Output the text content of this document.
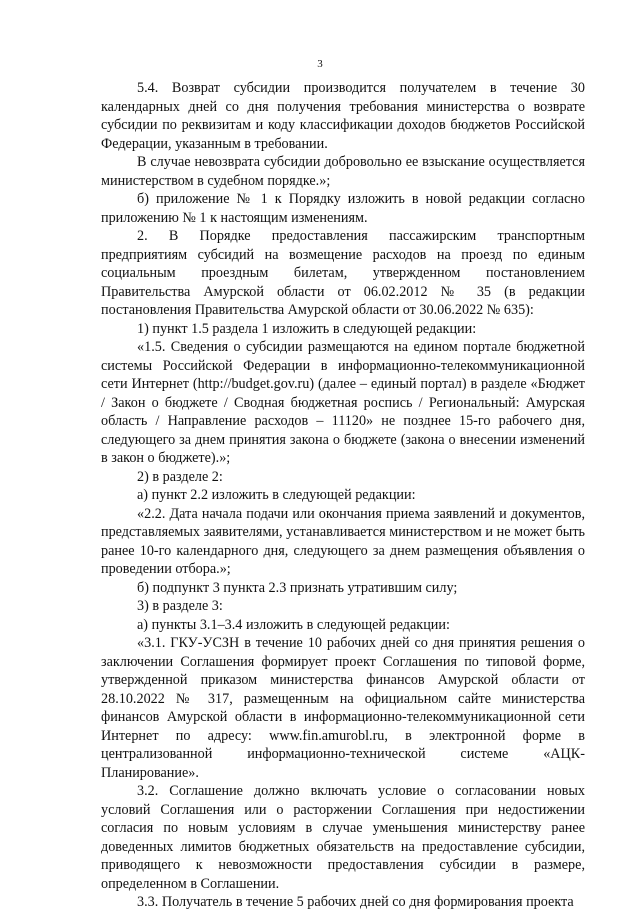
3

5.4. Возврат субсидии производится получателем в течение 30 календарных дней со дня получения требования министерства о возврате субсидии по реквизитам и коду классификации доходов бюджетов Российской Федерации, указанным в требовании.

В случае невозврата субсидии добровольно ее взыскание осуществляется министерством в судебном порядке.»;

б) приложение № 1 к Порядку изложить в новой редакции согласно приложению № 1 к настоящим изменениям.

2. В Порядке предоставления пассажирским транспортным предприятиям субсидий на возмещение расходов на проезд по единым социальным проездным билетам, утвержденном постановлением Правительства Амурской области от 06.02.2012 № 35 (в редакции постановления Правительства Амурской области от 30.06.2022 № 635):

1) пункт 1.5 раздела 1 изложить в следующей редакции:

«1.5. Сведения о субсидии размещаются на едином портале бюджетной системы Российской Федерации в информационно-телекоммуникационной сети Интернет (http://budget.gov.ru) (далее – единый портал) в разделе «Бюджет / Закон о бюджете / Сводная бюджетная роспись / Региональный: Амурская область / Направление расходов – 11120» не позднее 15-го рабочего дня, следующего за днем принятия закона о бюджете (закона о внесении изменений в закон о бюджете).»;

2) в разделе 2:

а) пункт 2.2 изложить в следующей редакции:

«2.2. Дата начала подачи или окончания приема заявлений и документов, представляемых заявителями, устанавливается министерством и не может быть ранее 10-го календарного дня, следующего за днем размещения объявления о проведении отбора.»;

б) подпункт 3 пункта 2.3 признать утратившим силу;

3) в разделе 3:

а) пункты 3.1–3.4 изложить в следующей редакции:

«3.1. ГКУ-УСЗН в течение 10 рабочих дней со дня принятия решения о заключении Соглашения формирует проект Соглашения по типовой форме, утвержденной приказом министерства финансов Амурской области от 28.10.2022 № 317, размещенным на официальном сайте министерства финансов Амурской области в информационно-телекоммуникационной сети Интернет по адресу: www.fin.amurobl.ru, в электронной форме в централизованной информационно-технической системе «АЦК-Планирование».

3.2. Соглашение должно включать условие о согласовании новых условий Соглашения или о расторжении Соглашения при недостижении согласия по новым условиям в случае уменьшения министерству ранее доведенных лимитов бюджетных обязательств на предоставление субсидии, приводящего к невозможности предоставления субсидии в размере, определенном в Соглашении.

3.3. Получатель в течение 5 рабочих дней со дня формирования проекта
